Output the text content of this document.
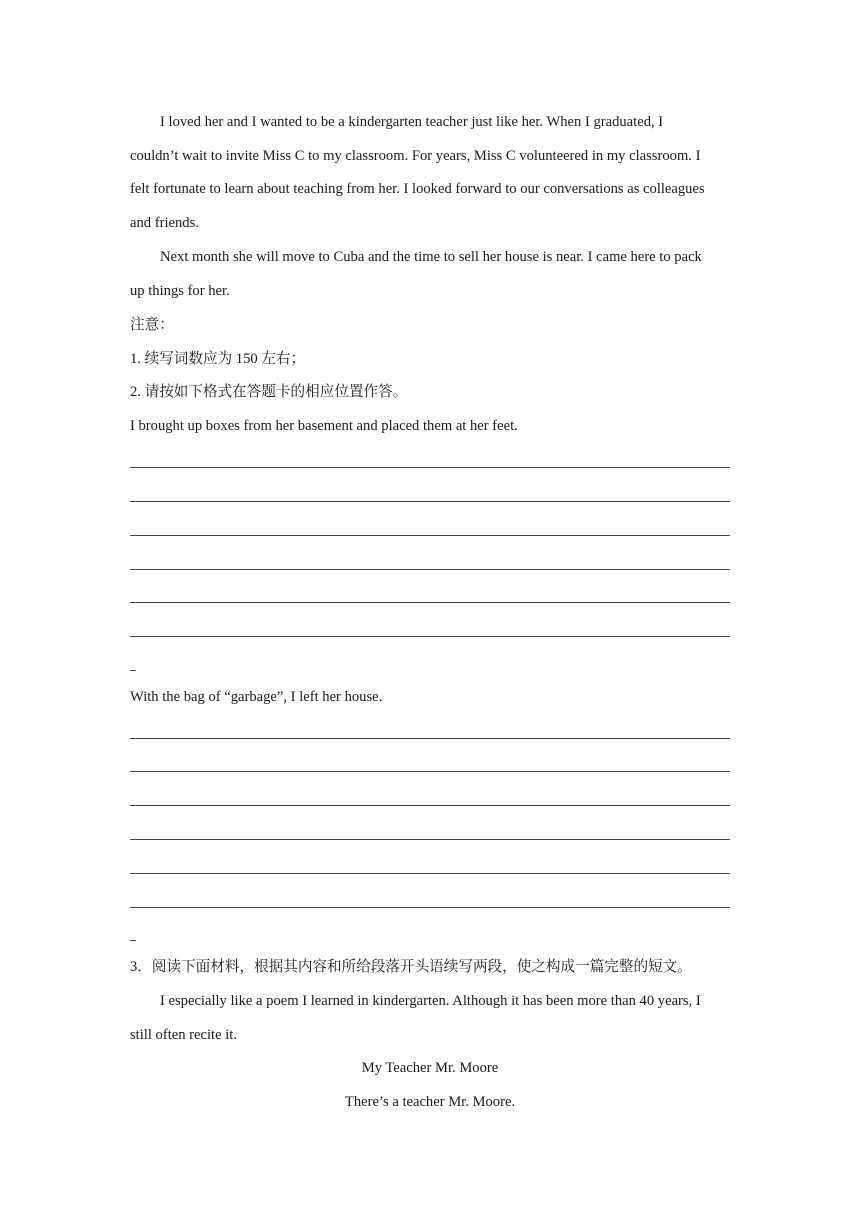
I loved her and I wanted to be a kindergarten teacher just like her. When I graduated, I

couldn’t wait to invite Miss C to my classroom. For years, Miss C volunteered in my classroom. I

felt fortunate to learn about teaching from her. I looked forward to our conversations as colleagues

and friends.

Next month she will move to Cuba and the time to sell her house is near. I came here to pack

up things for her.

注意：

1. 续写词数应为 150 左右；

2. 请按如下格式在答题卡的相应位置作答。

I brought up boxes from her basement and placed them at her feet.

With the bag of “garbage”, I left her house.

3．阅读下面材料，根据其内容和所给段落开头语续写两段，使之构成一篇完整的短文。

I especially like a poem I learned in kindergarten. Although it has been more than 40 years, I

still often recite it.

My Teacher Mr. Moore

There’s a teacher Mr. Moore.
